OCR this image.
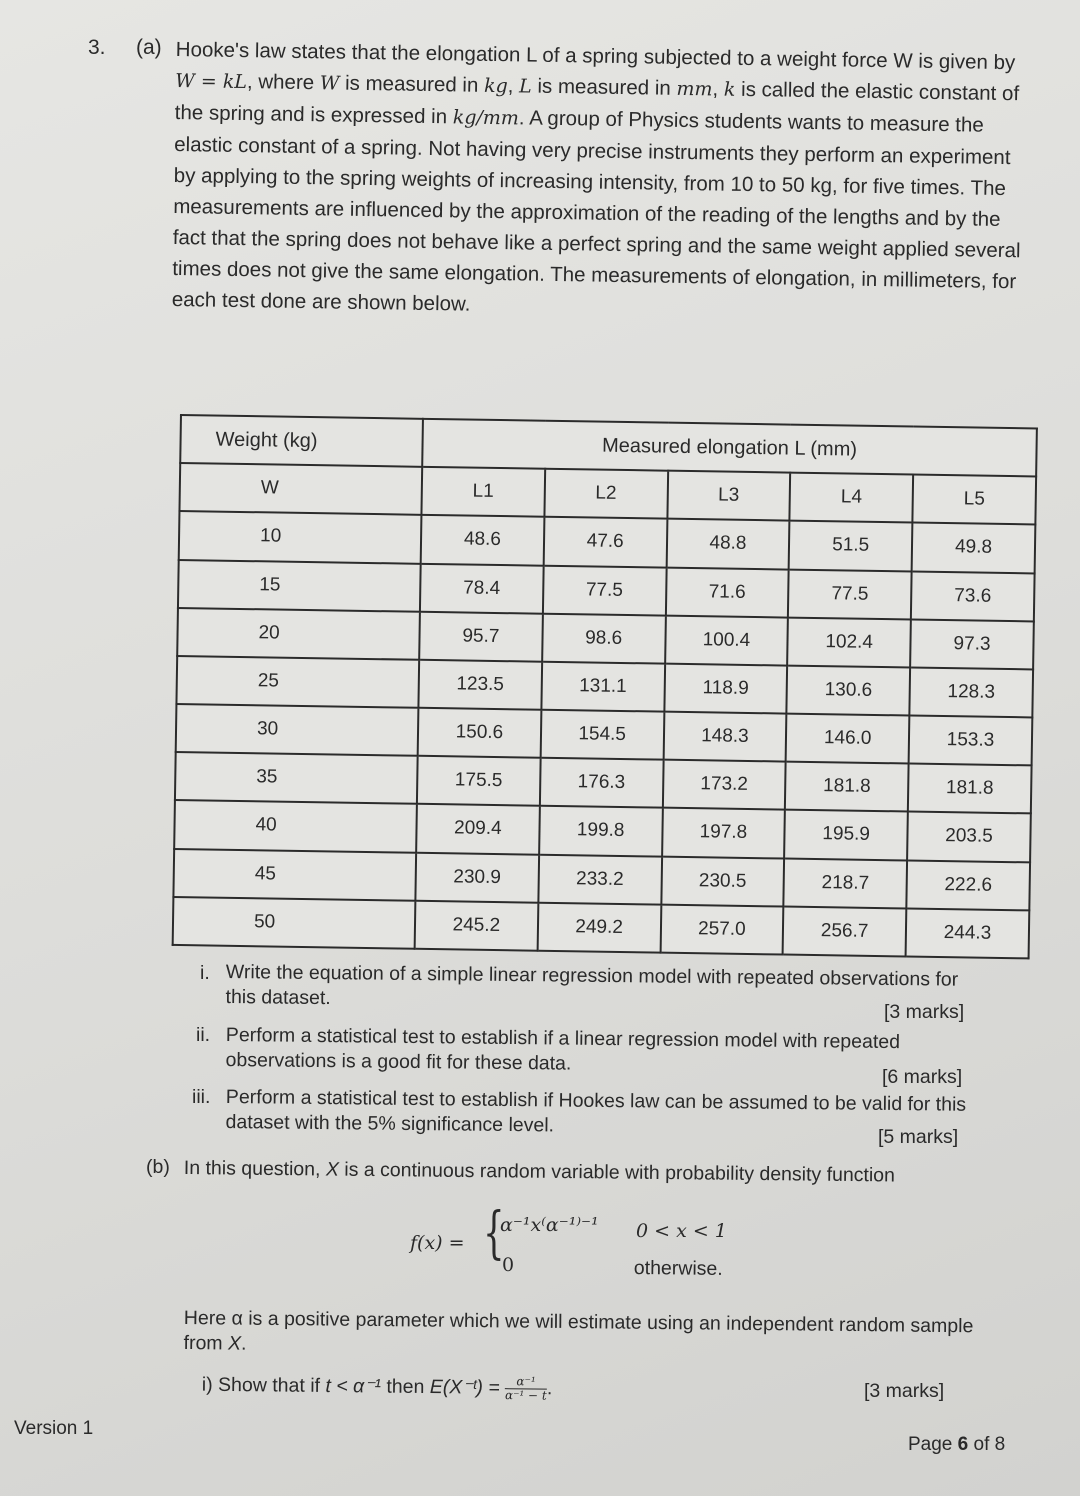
3. (a) Hooke's law states that the elongation L of a spring subjected to a weight force W is given by W = kL, where W is measured in kg, L is measured in mm, k is called the elastic constant of the spring and is expressed in kg/mm. A group of Physics students wants to measure the elastic constant of a spring. Not having very precise instruments they perform an experiment by applying to the spring weights of increasing intensity, from 10 to 50 kg, for five times. The measurements are influenced by the approximation of the reading of the lengths and by the fact that the spring does not behave like a perfect spring and the same weight applied several times does not give the same elongation. The measurements of elongation, in millimeters, for each test done are shown below.

Weight (kg)	Measured elongation L (mm)				
W	L1	L2	L3	L4	L5
10	48.6	47.6	48.8	51.5	49.8
15	78.4	77.5	71.6	77.5	73.6
20	95.7	98.6	100.4	102.4	97.3
25	123.5	131.1	118.9	130.6	128.3
30	150.6	154.5	148.3	146.0	153.3
35	175.5	176.3	173.2	181.8	181.8
40	209.4	199.8	197.8	195.9	203.5
45	230.9	233.2	230.5	218.7	222.6
50	245.2	249.2	257.0	256.7	244.3
i. Write the equation of a simple linear regression model with repeated observations for this dataset.

[3 marks]
ii. Perform a statistical test to establish if a linear regression model with repeated observations is a good fit for these data.

[6 marks]
iii. Perform a statistical test to establish if Hookes law can be assumed to be valid for this dataset with the 5% significance level.

[5 marks]
(b) In this question, X is a continuous random variable with probability density function

f(x) = {
α⁻¹x⁽α⁻¹⁾⁻¹ 0 < x < 1
0	otherwise.

Here α is a positive parameter which we will estimate using an independent random sample from X.

i) Show that if t < α⁻¹ then E(X⁻ᵗ) = $\frac{\text{α⁻¹}}{\text{α⁻¹ − t}}$ .	[3 marks]
Version 1
Page 6 of 8
